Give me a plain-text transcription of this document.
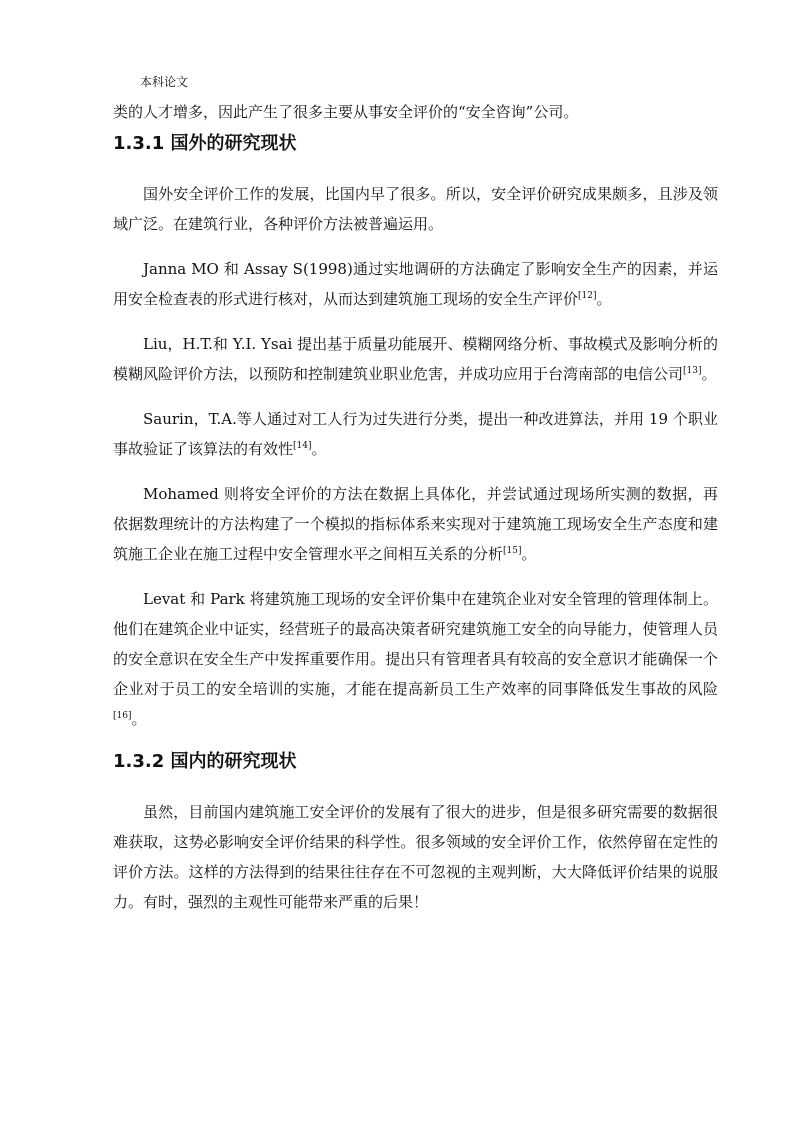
本科论文

类的人才增多，因此产生了很多主要从事安全评价的“安全咨询”公司。

1.3.1 国外的研究现状

国外安全评价工作的发展，比国内早了很多。所以，安全评价研究成果颇多，且涉及领域广泛。在建筑行业，各种评价方法被普遍运用。

Janna MO 和 Assay S(1998)通过实地调研的方法确定了影响安全生产的因素，并运用安全检查表的形式进行核对，从而达到建筑施工现场的安全生产评价[12]。

Liu，H.T.和 Y.I. Ysai 提出基于质量功能展开、模糊网络分析、事故模式及影响分析的模糊风险评价方法，以预防和控制建筑业职业危害，并成功应用于台湾南部的电信公司[13]。

Saurin，T.A.等人通过对工人行为过失进行分类，提出一种改进算法，并用 19 个职业事故验证了该算法的有效性[14]。

Mohamed 则将安全评价的方法在数据上具体化，并尝试通过现场所实测的数据，再依据数理统计的方法构建了一个模拟的指标体系来实现对于建筑施工现场安全生产态度和建筑施工企业在施工过程中安全管理水平之间相互关系的分析[15]。

Levat 和 Park 将建筑施工现场的安全评价集中在建筑企业对安全管理的管理体制上。他们在建筑企业中证实，经营班子的最高决策者研究建筑施工安全的向导能力，使管理人员的安全意识在安全生产中发挥重要作用。提出只有管理者具有较高的安全意识才能确保一个企业对于员工的安全培训的实施，才能在提高新员工生产效率的同事降低发生事故的风险[16]。

1.3.2 国内的研究现状

虽然，目前国内建筑施工安全评价的发展有了很大的进步，但是很多研究需要的数据很难获取，这势必影响安全评价结果的科学性。很多领域的安全评价工作，依然停留在定性的评价方法。这样的方法得到的结果往往存在不可忽视的主观判断，大大降低评价结果的说服力。有时，强烈的主观性可能带来严重的后果！
